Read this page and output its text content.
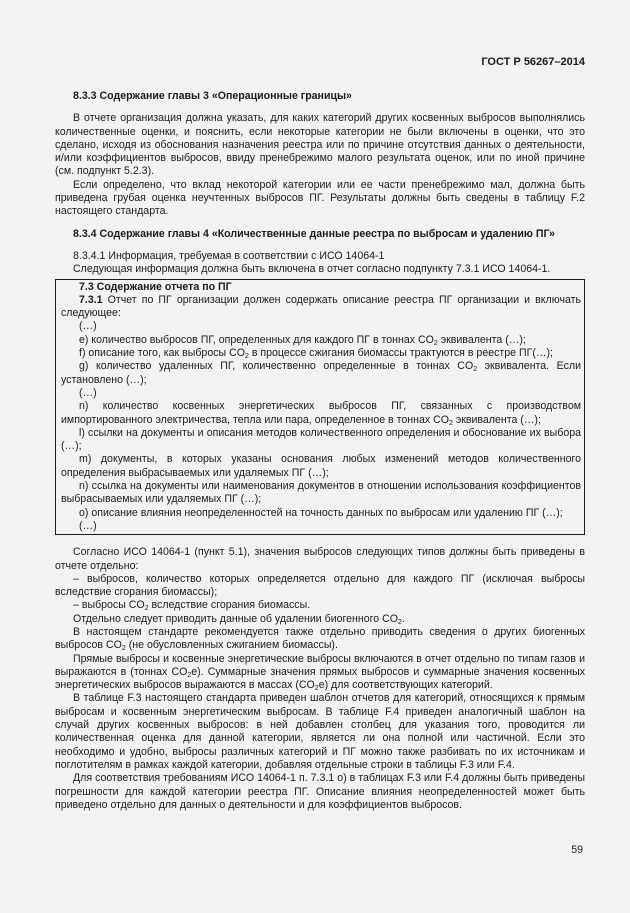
ГОСТ Р 56267–2014

8.3.3 Содержание главы 3 «Операционные границы»

В отчете организация должна указать, для каких категорий других косвенных выбросов выполнялись количественные оценки, и пояснить, если некоторые категории не были включены в оценки, что это сделано, исходя из обоснования назначения реестра или по причине отсутствия данных о деятельности, и/или коэффициентов выбросов, ввиду пренебрежимо малого результата оценок, или по иной причине (см. подпункт 5.2.3).

Если определено, что вклад некоторой категории или ее части пренебрежимо мал, должна быть приведена грубая оценка неучтенных выбросов ПГ. Результаты должны быть сведены в таблицу F.2 настоящего стандарта.

8.3.4 Содержание главы 4 «Количественные данные реестра по выбросам и удалению ПГ»

8.3.4.1 Информация, требуемая в соответствии с ИСО 14064-1

Следующая информация должна быть включена в отчет согласно подпункту 7.3.1 ИСО 14064-1.

7.3 Содержание отчета по ПГ

7.3.1 Отчет по ПГ организации должен содержать описание реестра ПГ организации и включать следующее:

(…)

е) количество выбросов ПГ, определенных для каждого ПГ в тоннах $CO_2$ эквивалента (…);

f) описание того, как выбросы $CO_2$ в процессе сжигания биомассы трактуются в реестре ПГ(…);

g) количество удаленных ПГ, количественно определенные в тоннах $CO_2$ эквивалента. Если установлено (…);

(…)

n) количество косвенных энергетических выбросов ПГ, связанных с производством импортированного электричества, тепла или пара, определенное в тоннах $CO_2$ эквивалента (…);

l) ссылки на документы и описания методов количественного определения и обоснование их выбора (…);

m) документы, в которых указаны основания любых изменений методов количественного определения выбрасываемых или удаляемых ПГ (…);

n) ссылка на документы или наименования документов в отношении использования коэффициентов выбрасываемых или удаляемых ПГ (…);

о) описание влияния неопределенностей на точность данных по выбросам или удалению ПГ (…);

(…)

Согласно ИСО 14064-1 (пункт 5.1), значения выбросов следующих типов должны быть приведены в отчете отдельно:

– выбросов, количество которых определяется отдельно для каждого ПГ (исключая выбросы вследствие сгорания биомассы);

– выбросы $CO_2$ вследствие сгорания биомассы.

Отдельно следует приводить данные об удалении биогенного $CO_2$.

В настоящем стандарте рекомендуется также отдельно приводить сведения о других биогенных выбросов $CO_2$ (не обусловленных сжиганием биомассы).

Прямые выбросы и косвенные энергетические выбросы включаются в отчет отдельно по типам газов и выражаются в (тоннах $CO_2е$). Суммарные значения прямых выбросов и суммарные значения косвенных энергетических выбросов выражаются в массах $(CO_2е)$ для соответствующих категорий.

В таблице F.3 настоящего стандарта приведен шаблон отчетов для категорий, относящихся к прямым выбросам и косвенным энергетическим выбросам. В таблице F.4 приведен аналогичный шаблон на случай других косвенных выбросов: в ней добавлен столбец для указания того, проводится ли количественная оценка для данной категории, является ли она полной или частичной. Если это необходимо и удобно, выбросы различных категорий и ПГ можно также разбивать по их источникам и поглотителям в рамках каждой категории, добавляя отдельные строки в таблицы F.3 или F.4.

Для соответствия требованиям ИСО 14064-1 п. 7.3.1 о) в таблицах F.3 или F.4 должны быть приведены погрешности для каждой категории реестра ПГ. Описание влияния неопределенностей может быть приведено отдельно для данных о деятельности и для коэффициентов выбросов.

59
